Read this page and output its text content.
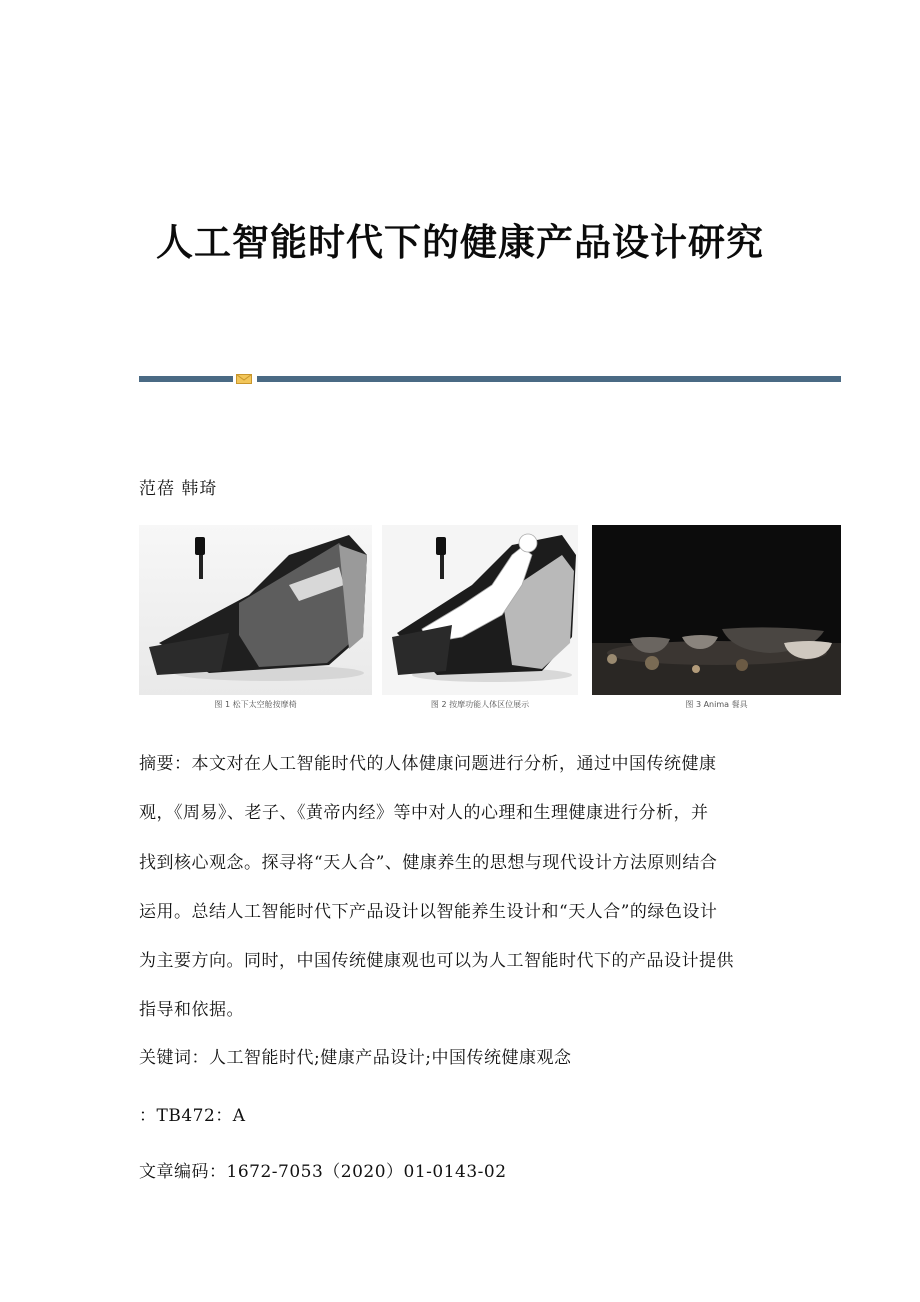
人工智能时代下的健康产品设计研究
范蓓 韩琦
图 1 松下太空舱按摩椅	图 2 按摩功能人体区位展示	图 3 Anima 餐具
摘要：本文对在人工智能时代的人体健康问题进行分析，通过中国传统健康
观，《周易》、老子、《黄帝内经》等中对人的心理和生理健康进行分析，并
找到核心观念。探寻将“天人合”、健康养生的思想与现代设计方法原则结合
运用。总结人工智能时代下产品设计以智能养生设计和“天人合”的绿色设计
为主要方向。同时，中国传统健康观也可以为人工智能时代下的产品设计提供
指导和依据。
关键词：人工智能时代;健康产品设计;中国传统健康观念
：TB472：A
文章编码：1672-7053（2020）01-0143-02
